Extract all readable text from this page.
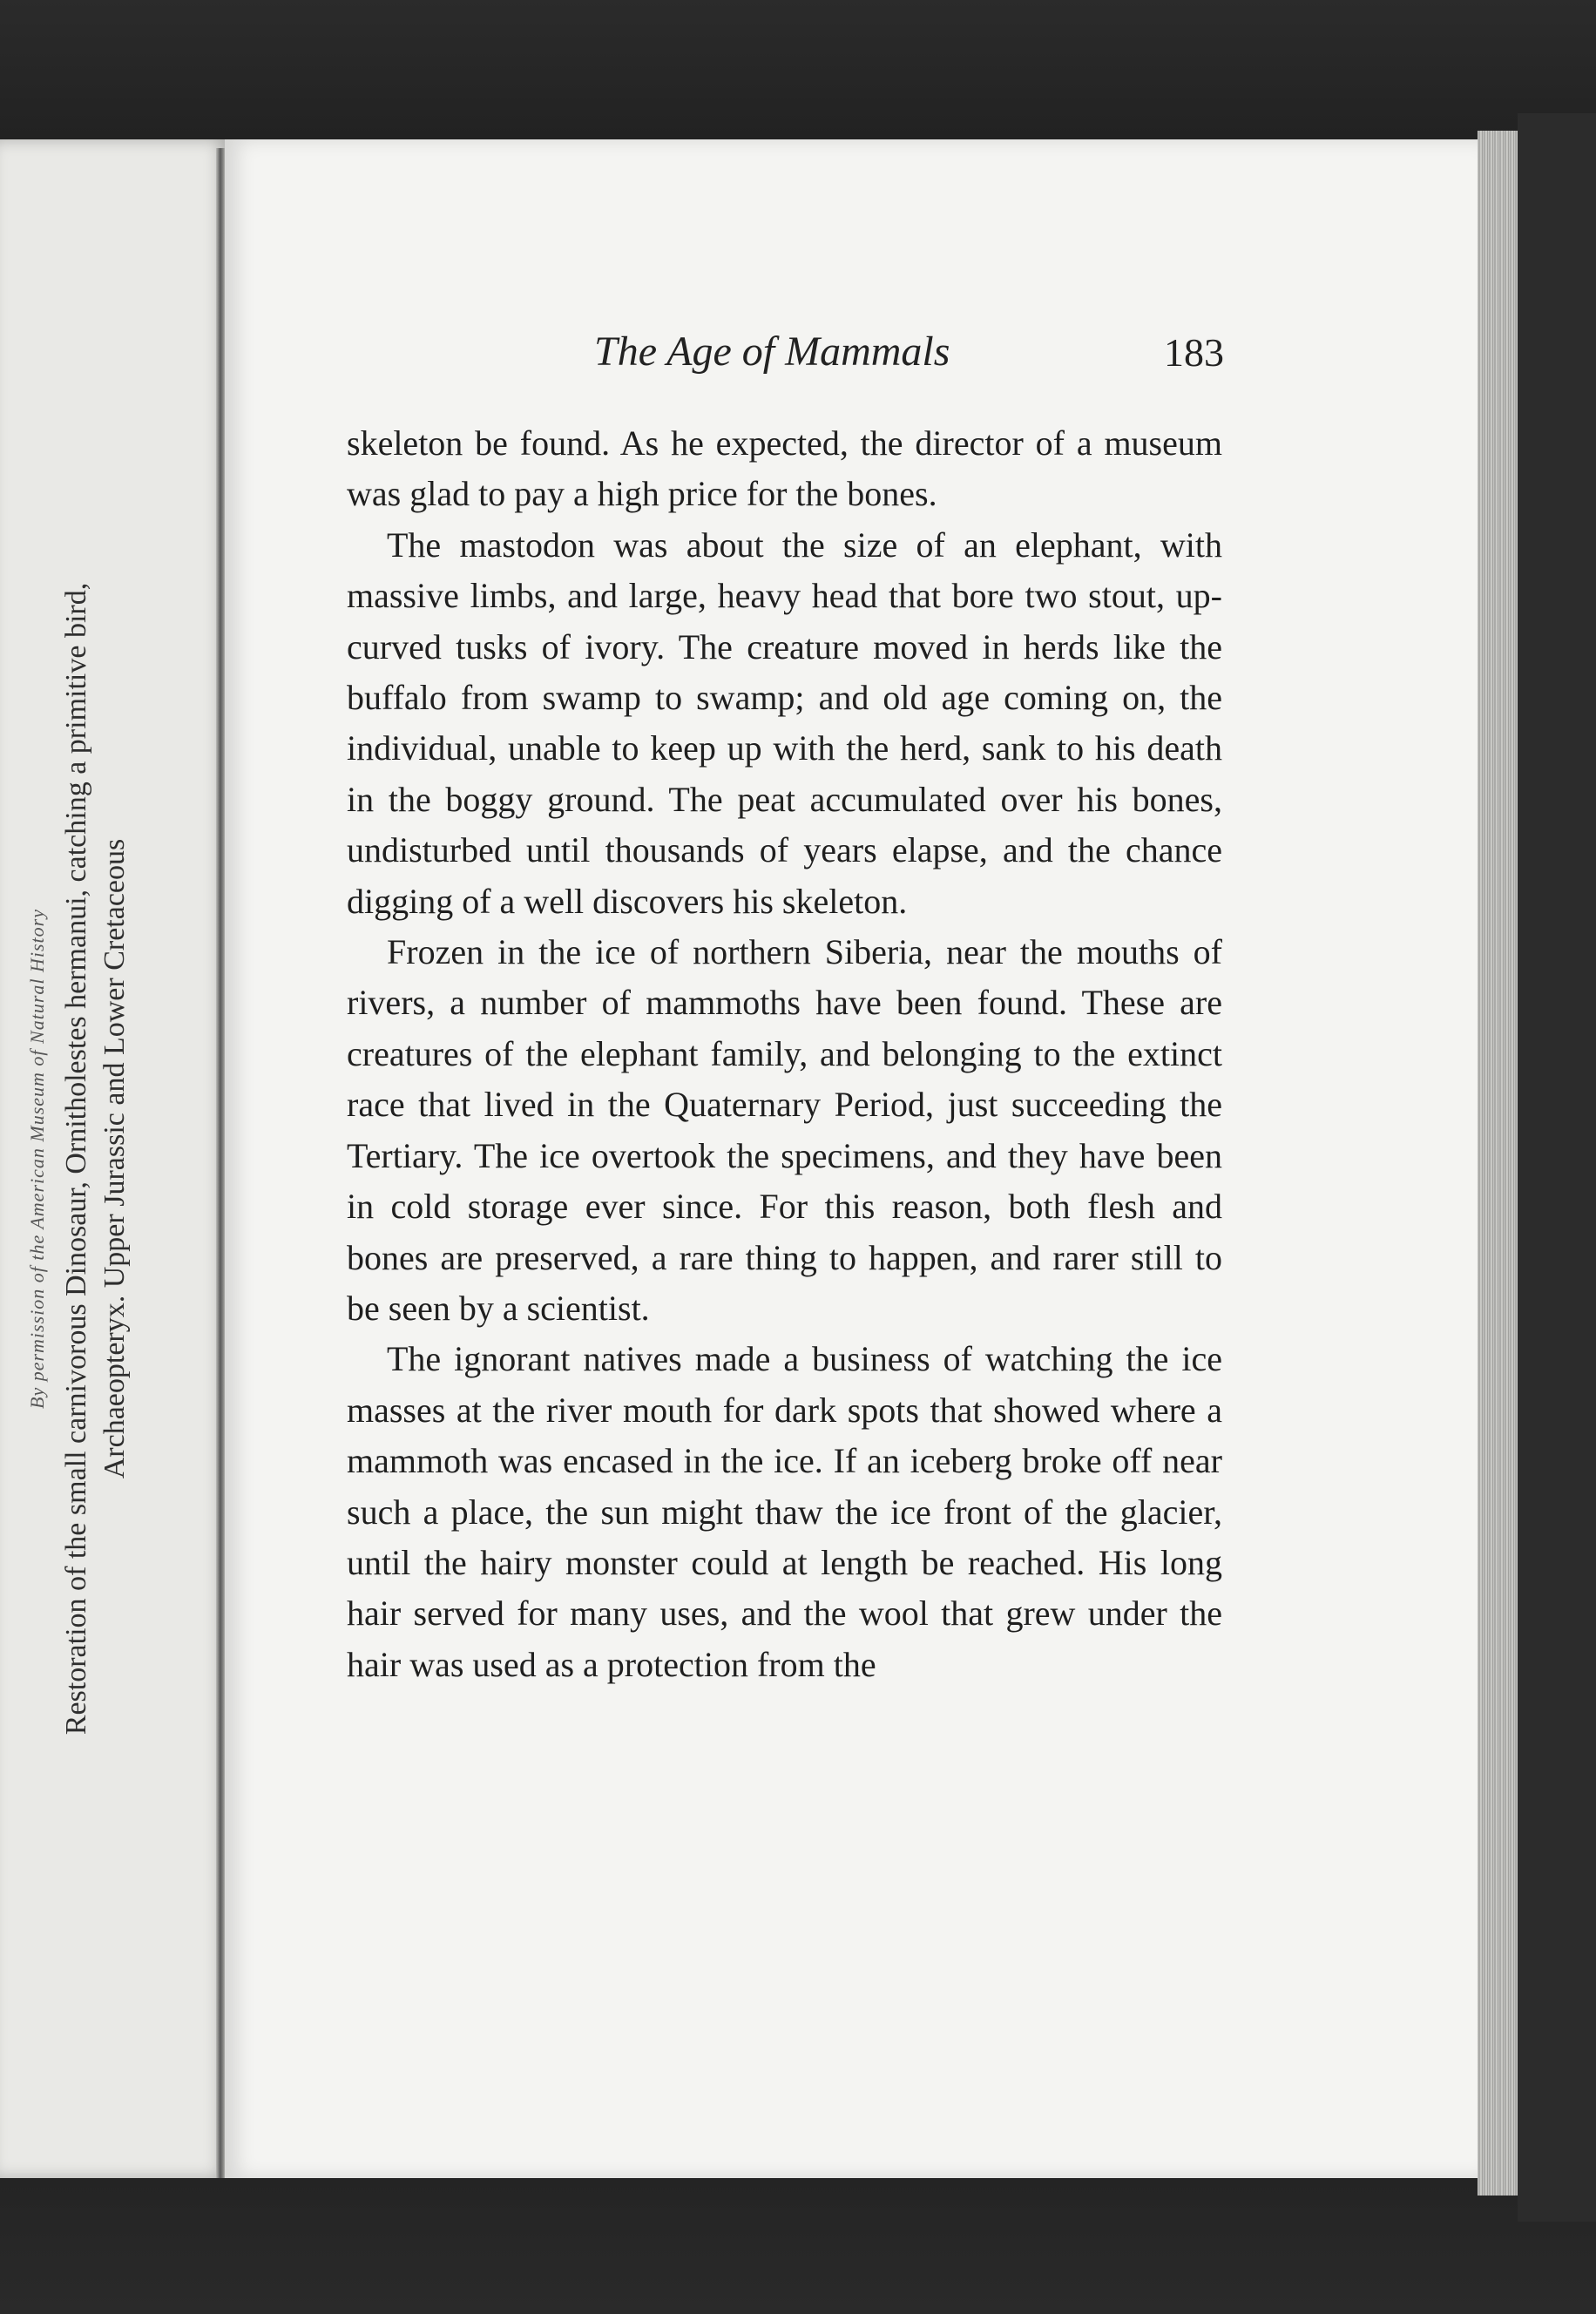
By permission of the American Museum of Natural History Restoration of the small carnivorous Dinosaur, Ornitholestes hermanui, catching a primitive bird, Archaeopteryx. Upper Jurassic and Lower Cretaceous
The Age of Mammals	183

skeleton be found. As he expected, the director of a museum was glad to pay a high price for the bones.

The mastodon was about the size of an elephant, with massive limbs, and large, heavy head that bore two stout, up-curved tusks of ivory. The creature moved in herds like the buffalo from swamp to swamp; and old age coming on, the individual, unable to keep up with the herd, sank to his death in the boggy ground. The peat accumulated over his bones, undisturbed until thousands of years elapse, and the chance digging of a well discovers his skeleton.

Frozen in the ice of northern Siberia, near the mouths of rivers, a number of mammoths have been found. These are creatures of the elephant family, and belonging to the extinct race that lived in the Quaternary Period, just succeeding the Tertiary. The ice overtook the specimens, and they have been in cold storage ever since. For this reason, both flesh and bones are preserved, a rare thing to happen, and rarer still to be seen by a scientist.

The ignorant natives made a business of watching the ice masses at the river mouth for dark spots that showed where a mammoth was encased in the ice. If an iceberg broke off near such a place, the sun might thaw the ice front of the glacier, until the hairy monster could at length be reached. His long hair served for many uses, and the wool that grew under the hair was used as a protection from the
